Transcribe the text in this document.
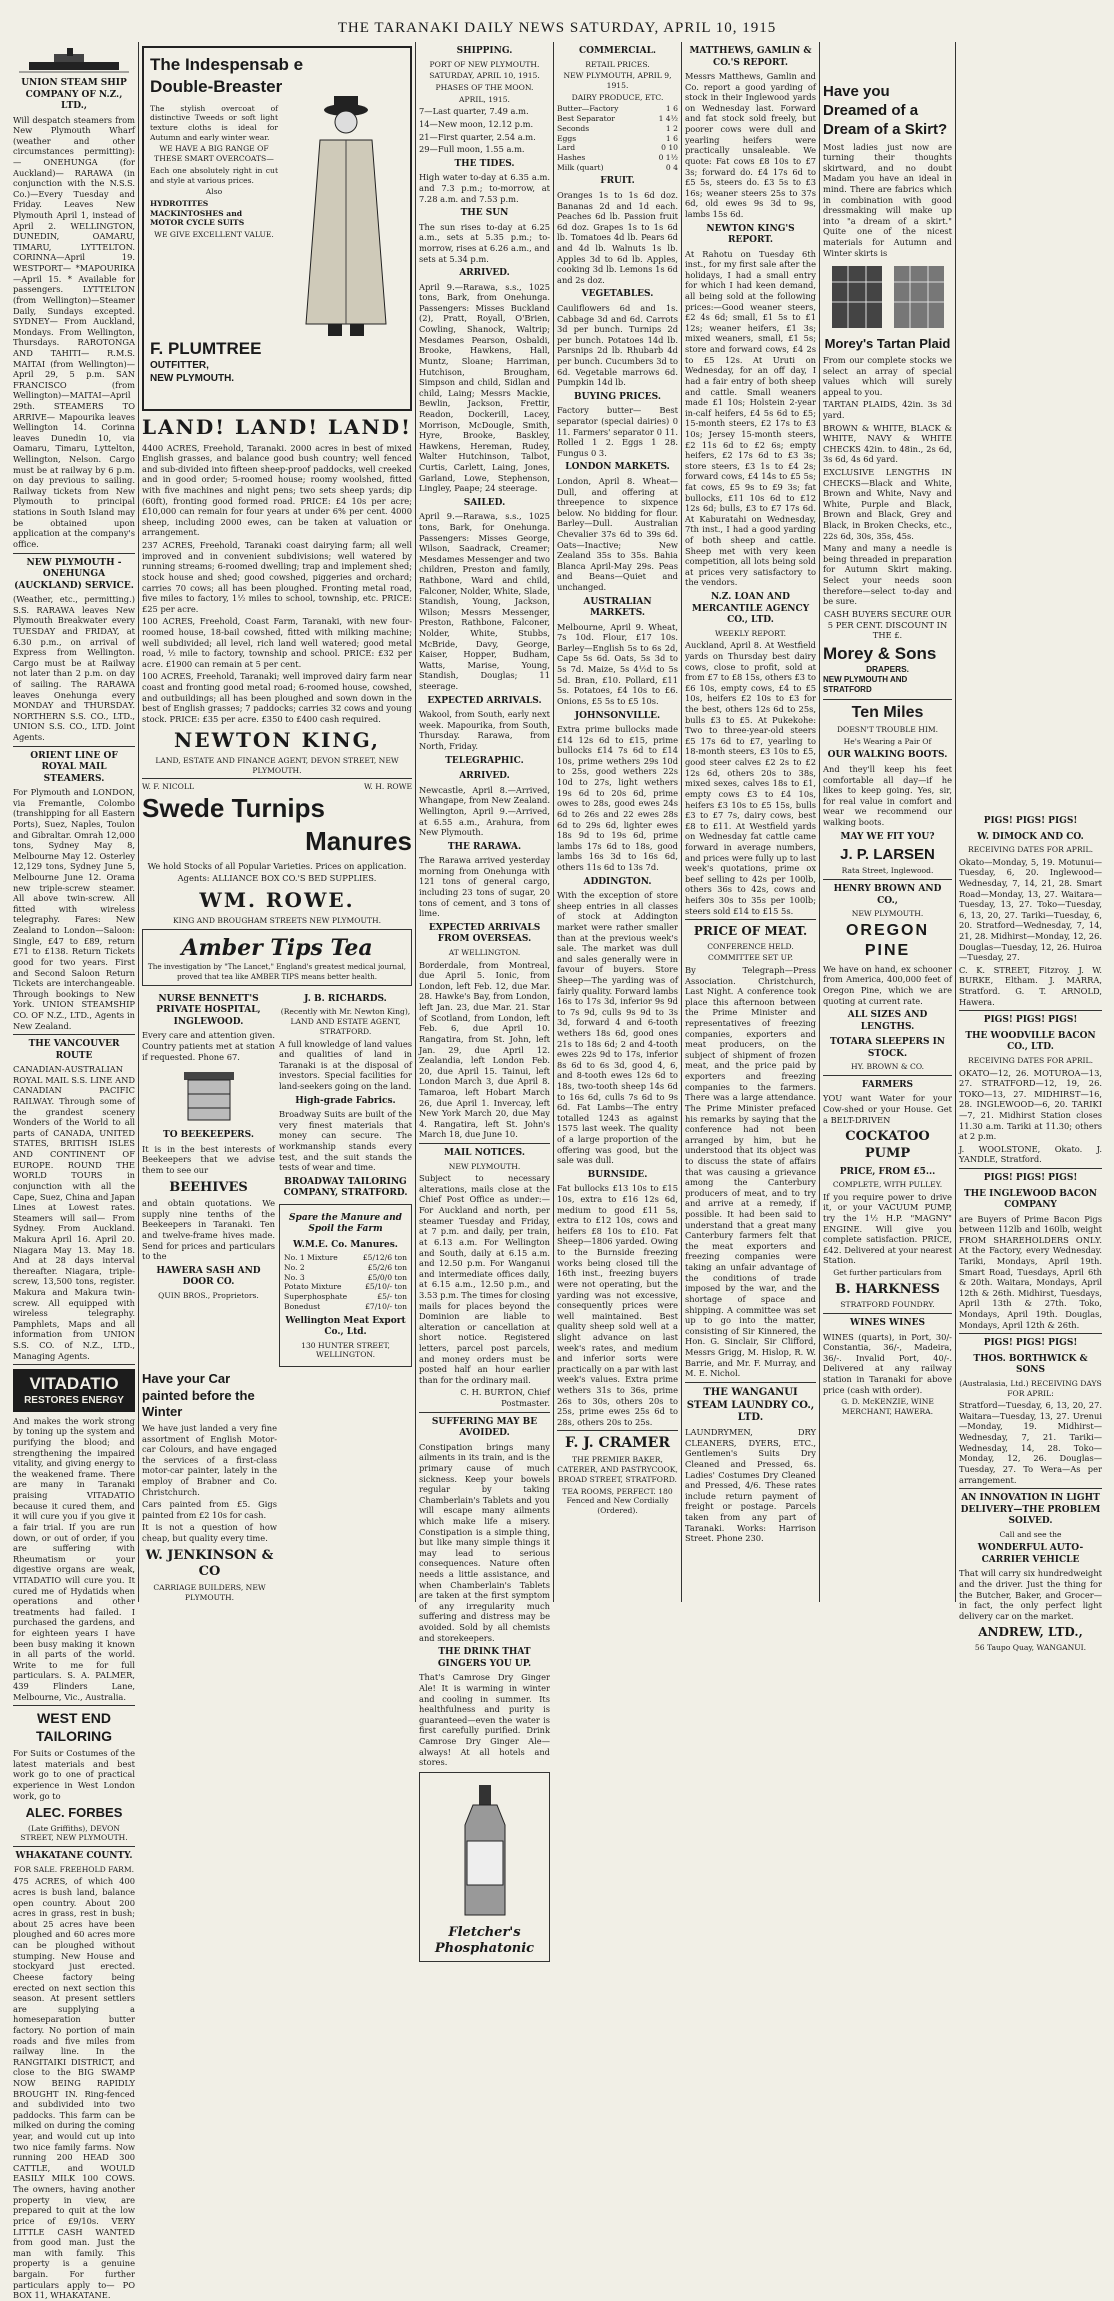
THE TARANAKI DAILY NEWS SATURDAY, APRIL 10, 1915
UNION STEAM SHIP COMPANY OF N.Z., LTD.,

Will despatch steamers from New Plymouth Wharf (weather and other circumstances permitting):— ONEHUNGA (for Auckland)— RARAWA (in conjunction with the N.S.S. Co.)—Every Tuesday and Friday. Leaves New Plymouth April 1, instead of April 2. WELLINGTON, DUNEDIN, OAMARU, TIMARU, LYTTELTON. CORINNA—April 19. WESTPORT— *MAPOURIKA—April 15. * Available for passengers. LYTTELTON (from Wellington)—Steamer Daily, Sundays excepted. SYDNEY— From Auckland, Mondays. From Wellington, Thursdays. RAROTONGA AND TAHITI— R.M.S. MAITAI (from Wellington)—April 29, 5 p.m. SAN FRANCISCO (from Wellington)—MAITAI—April 29th. STEAMERS TO ARRIVE— Mapourika leaves Wellington 14. Corinna leaves Dunedin 10, via Oamaru, Timaru, Lyttelton, Wellington, Nelson. Cargo must be at railway by 6 p.m. on day previous to sailing. Railway tickets from New Plymouth to principal stations in South Island may be obtained upon application at the company's office.

NEW PLYMOUTH - ONEHUNGA (AUCKLAND) SERVICE.

(Weather, etc., permitting.) S.S. RARAWA leaves New Plymouth Breakwater every TUESDAY and FRIDAY, at 6.30 p.m., on arrival of Express from Wellington. Cargo must be at Railway not later than 2 p.m. on day of sailing. The RARAWA leaves Onehunga every MONDAY and THURSDAY. NORTHERN S.S. CO., LTD., UNION S.S. CO., LTD. Joint Agents.

ORIENT LINE OF ROYAL MAIL STEAMERS.

For Plymouth and LONDON, via Fremantle, Colombo (transhipping for all Eastern Ports), Suez, Naples, Toulon and Gibraltar. Omrah 12,000 tons, Sydney May 8, Melbourne May 12. Osterley 12,129 tons, Sydney June 5, Melbourne June 12. Orama new triple-screw steamer. All above twin-screw. All fitted with wireless telegraphy. Fares: New Zealand to London—Saloon: Single, £47 to £89, return £71 to £138. Return Tickets good for two years. First and Second Saloon Return Tickets are interchangeable. Through bookings to New York. UNION STEAMSHIP CO. OF N.Z., LTD., Agents in New Zealand.

THE VANCOUVER ROUTE

CANADIAN-AUSTRALIAN ROYAL MAIL S.S. LINE AND CANADIAN PACIFIC RAILWAY. Through some of the grandest scenery Wonders of the World to all parts of CANADA, UNITED STATES, BRITISH ISLES AND CONTINENT OF EUROPE. ROUND THE WORLD TOURS in conjunction with all the Cape, Suez, China and Japan Lines at Lowest rates. Steamers will sail— From Sydney. From Auckland. Makura April 16. April 20. Niagara May 13. May 18. And at 28 days interval thereafter. Niagara, triple-screw, 13,500 tons, register. Makura and Makura twin-screw. All equipped with wireless telegraphy. Pamphlets, Maps and all information from UNION S.S. CO. of N.Z., LTD., Managing Agents.

VITADATIO
RESTORES ENERGY

And makes the work strong by toning up the system and purifying the blood; and strengthening the impaired vitality, and giving energy to the weakened frame. There are many in Taranaki praising VITADATIO because it cured them, and it will cure you if you give it a fair trial. If you are run down, or out of order, if you are suffering with Rheumatism or your digestive organs are weak, VITADATIO will cure you. It cured me of Hydatids when operations and other treatments had failed. I purchased the gardens, and for eighteen years I have been busy making it known in all parts of the world. Write to me for full particulars. S. A. PALMER, 439 Flinders Lane, Melbourne, Vic., Australia.

WEST END TAILORING

For Suits or Costumes of the latest materials and best work go to one of practical experience in West London work, go to

ALEC. FORBES
(Late Griffiths), DEVON STREET, NEW PLYMOUTH.
WHAKATANE COUNTY.
FOR SALE. FREEHOLD FARM.

475 ACRES, of which 400 acres is bush land, balance open country. About 200 acres in grass, rest in bush; about 25 acres have been ploughed and 60 acres more can be ploughed without stumping. New House and stockyard just erected. Cheese factory being erected on next section this season. At present settlers are supplying a homeseparation butter factory. No portion of main roads and five miles from railway line. In the RANGITAIKI DISTRICT, and close to the BIG SWAMP NOW BEING RAPIDLY BROUGHT IN. Ring-fenced and subdivided into two paddocks. This farm can be milked on during the coming year, and would cut up into two nice family farms. Now running 200 HEAD 300 CATTLE, and WOULD EASILY MILK 100 COWS. The owners, having another property in view, are prepared to quit at the low price of £9/10s. VERY LITTLE CASH WANTED from good man. Just the man with family. This property is a genuine bargain. For further particulars apply to— PO BOX 11, WHAKATANE.

The Indespensab e
Double-Breaster

The stylish overcoat of distinctive Tweeds or soft light texture cloths is ideal for Autumn and early winter wear.

WE HAVE A BIG RANGE OF THESE SMART OVERCOATS—

Each one absolutely right in cut and style at various prices.

Also

HYDROTITES
MACKINTOSHES and
MOTOR CYCLE SUITS

WE GIVE EXCELLENT VALUE.

F. PLUMTREE
OUTFITTER,
NEW PLYMOUTH.
LAND! LAND! LAND!

4400 ACRES, Freehold, Taranaki. 2000 acres in best of mixed English grasses, and balance good bush country; well fenced and sub-divided into fifteen sheep-proof paddocks, well creeked and in good order; 5-roomed house; roomy woolshed, fitted with five machines and night pens; two sets sheep yards; dip (60ft), fronting good formed road. PRICE: £4 10s per acre; £10,000 can remain for four years at under 6% per cent. 4000 sheep, including 2000 ewes, can be taken at valuation or arrangement.

237 ACRES, Freehold, Taranaki coast dairying farm; all well improved and in convenient subdivisions; well watered by running streams; 6-roomed dwelling; trap and implement shed; stock house and shed; good cowshed, piggeries and orchard; carries 70 cows; all has been ploughed. Fronting metal road, five miles to factory, 1½ miles to school, township, etc. PRICE: £25 per acre.

100 ACRES, Freehold, Coast Farm, Taranaki, with new four-roomed house, 18-bail cowshed, fitted with milking machine; well subdivided; all level, rich land well watered; good metal road, ½ mile to factory, township and school. PRICE: £32 per acre. £1900 can remain at 5 per cent.

100 ACRES, Freehold, Taranaki; well improved dairy farm near coast and fronting good metal road; 6-roomed house, cowshed, and outbuildings; all has been ploughed and sown down in the best of English grasses; 7 paddocks; carries 32 cows and young stock. PRICE: £35 per acre. £350 to £400 cash required.

NEWTON KING,
LAND, ESTATE AND FINANCE AGENT, DEVON STREET, NEW PLYMOUTH.
W. F. NICOLL	W. H. ROWE
Swede Turnips
Manures

We hold Stocks of all Popular Varieties. Prices on application.

Agents: ALLIANCE BOX CO.'S BED SUPPLIES.

WM. ROWE.
KING AND BROUGHAM STREETS NEW PLYMOUTH.
Amber Tips Tea
The investigation by "The Lancet," England's greatest medical journal, proved that tea like AMBER TIPS means better health.
NURSE BENNETT'S PRIVATE HOSPITAL, INGLEWOOD.

Every care and attention given. Country patients met at station if requested. Phone 67.

TO BEEKEEPERS.

It is in the best interests of Beekeepers that we advise them to see our

BEEHIVES

and obtain quotations. We supply nine tenths of the Beekeepers in Taranaki. Ten and twelve-frame hives made. Send for prices and particulars to the

HAWERA SASH AND DOOR CO.
QUIN BROS., Proprietors.
J. B. RICHARDS.
(Recently with Mr. Newton King), LAND AND ESTATE AGENT, STRATFORD.

A full knowledge of land values and qualities of land in Taranaki is at the disposal of investors. Special facilities for land-seekers going on the land.

High-grade Fabrics.

Broadway Suits are built of the very finest materials that money can secure. The workmanship stands every test, and the suit stands the tests of wear and time.

BROADWAY TAILORING COMPANY, STRATFORD.
Spare the Manure and Spoil the Farm
W.M.E. Co. Manures.
No. 1 Mixture	£5/12/6 ton
No. 2	£5/2/6 ton
No. 3	£5/0/0 ton
Potato Mixture	£5/10/- ton
Superphosphate	£5/- ton
Bonedust	£7/10/- ton
Wellington Meat Export Co., Ltd.
130 HUNTER STREET, WELLINGTON.
Have your Car
painted before the
Winter

We have just landed a very fine assortment of English Motor-car Colours, and have engaged the services of a first-class motor-car painter, lately in the employ of Brabner and Co. Christchurch.

Cars painted from £5. Gigs painted from £2 10s for cash.

It is not a question of how cheap, but quality every time.

W. JENKINSON & CO
CARRIAGE BUILDERS, NEW PLYMOUTH.
SHIPPING.
PORT OF NEW PLYMOUTH.
SATURDAY, APRIL 10, 1915.
PHASES OF THE MOON.
APRIL, 1915.

7—Last quarter, 7.49 a.m.

14—New moon, 12.12 p.m.

21—First quarter, 2.54 a.m.

29—Full moon, 1.55 a.m.

THE TIDES.

High water to-day at 6.35 a.m. and 7.3 p.m.; to-morrow, at 7.28 a.m. and 7.53 p.m.

THE SUN

The sun rises to-day at 6.25 a.m., sets at 5.35 p.m.; to-morrow, rises at 6.26 a.m., and sets at 5.34 p.m.

ARRIVED.

April 9.—Rarawa, s.s., 1025 tons, Bark, from Onehunga. Passengers: Misses Buckland (2), Pratt, Royall, O'Brien, Cowling, Shanock, Waltrip; Mesdames Pearson, Osbaldi, Brooke, Hawkens, Hall, Muntz, Sloane; Harriman, Hutchison, Brougham, Simpson and child, Sidlan and child, Laing; Messrs Mackie, Bewlin, Jackson, Frettir, Readon, Dockerill, Lacey, Morrison, McDougle, Smith, Hyre, Brooke, Baskley, Hawkens, Hereman, Rudey, Walter Hutchinson, Talbot, Curtis, Carlett, Laing, Jones, Garland, Lowe, Stephenson, Lingley, Paape; 24 steerage.

SAILED.

April 9.—Rarawa, s.s., 1025 tons, Bark, for Onehunga. Passengers: Misses George, Wilson, Saadrack, Creamer; Mesdames Messenger and two children, Preston and family, Rathbone, Ward and child, Falconer, Nolder, White, Slade, Standish, Young, Jackson, Wilson; Messrs Messenger, Preston, Rathbone, Falconer, Nolder, White, Stubbs, McBride, Davy, George, Kaiser, Hopper, Budham, Watts, Marise, Young, Standish, Douglas; 11 steerage.

EXPECTED ARRIVALS.

Wakool, from South, early next week. Mapourika, from South, Thursday. Rarawa, from North, Friday.

TELEGRAPHIC.
ARRIVED.

Newcastle, April 8.—Arrived, Whangape, from New Zealand. Wellington, April 9.—Arrived, at 6.55 a.m., Arahura, from New Plymouth.

THE RARAWA.

The Rarawa arrived yesterday morning from Onehunga with 121 tons of general cargo, including 23 tons of sugar, 20 tons of cement, and 3 tons of lime.

EXPECTED ARRIVALS FROM OVERSEAS.
AT WELLINGTON.

Borderdale, from Montreal, due April 5. Ionic, from London, left Feb. 12, due Mar. 28. Hawke's Bay, from London, left Jan. 23, due Mar. 21. Star of Scotland, from London, left Feb. 6, due April 10. Rangatira, from St. John, left Jan. 29, due April 12. Zealandia, left London Feb. 20, due April 15. Tainui, left London March 3, due April 8. Tamaroa, left Hobart March 26, due April 1. Invercay, left New York March 20, due May 4. Rangatira, left St. John's March 18, due June 10.

MAIL NOTICES.
NEW PLYMOUTH.

Subject to necessary alterations, mails close at the Chief Post Office as under:— For Auckland and north, per steamer Tuesday and Friday, at 7 p.m. and daily, per train, at 6.13 a.m. For Wellington and South, daily at 6.15 a.m. and 12.50 p.m. For Wanganui and intermediate offices daily, at 6.15 a.m., 12.50 p.m., and 3.53 p.m. The times for closing mails for places beyond the Dominion are liable to alteration or cancellation at short notice. Registered letters, parcel post parcels, and money orders must be posted half an hour earlier than for the ordinary mail.

C. H. BURTON, Chief Postmaster.

SUFFERING MAY BE AVOIDED.

Constipation brings many ailments in its train, and is the primary cause of much sickness. Keep your bowels regular by taking Chamberlain's Tablets and you will escape many ailments which make life a misery. Constipation is a simple thing, but like many simple things it may lead to serious consequences. Nature often needs a little assistance, and when Chamberlain's Tablets are taken at the first symptom of any irregularity much suffering and distress may be avoided. Sold by all chemists and storekeepers.

THE DRINK THAT GINGERS YOU UP.

That's Camrose Dry Ginger Ale! It is warming in winter and cooling in summer. Its healthfulness and purity is guaranteed—even the water is first carefully purified. Drink Camrose Dry Ginger Ale—always! At all hotels and stores.

Fletcher's Phosphatonic
COMMERCIAL.
RETAIL PRICES.
NEW PLYMOUTH, APRIL 9, 1915.
DAIRY PRODUCE, ETC.
Butter—Factory	1 6
Best Separator	1 4½
Seconds	1 2
Eggs	1 6
Lard	0 10
Hashes	0 1½
Milk (quart)	0 4
FRUIT.

Oranges 1s to 1s 6d doz. Bananas 2d and 1d each. Peaches 6d lb. Passion fruit 6d doz. Grapes 1s to 1s 6d lb. Tomatoes 4d lb. Pears 6d and 4d lb. Walnuts 1s lb. Apples 3d to 6d lb. Apples, cooking 3d lb. Lemons 1s 6d and 2s doz.

VEGETABLES.

Cauliflowers 6d and 1s. Cabbage 3d and 6d. Carrots 3d per bunch. Turnips 2d per bunch. Potatoes 14d lb. Parsnips 2d lb. Rhubarb 4d per bunch. Cucumbers 3d to 6d. Vegetable marrows 6d. Pumpkin 14d lb.

BUYING PRICES.

Factory butter— Best separator (special dairies) 0 11. Farmers' separator 0 11. Rolled 1 2. Eggs 1 28. Fungus 0 3.

LONDON MARKETS.

London, April 8. Wheat—Dull, and offering at threepence to sixpence below. No bidding for flour. Barley—Dull. Australian Chevalier 37s 6d to 39s 6d. Oats—Inactive; New Zealand 35s to 35s. Bahia Blanca April-May 29s. Peas and Beans—Quiet and unchanged.

AUSTRALIAN MARKETS.

Melbourne, April 9. Wheat, 7s 10d. Flour, £17 10s. Barley—English 5s to 6s 2d, Cape 5s 6d. Oats, 5s 3d to 5s 7d. Maize, 5s 4½d to 5s 5d. Bran, £10. Pollard, £11 5s. Potatoes, £4 10s to £6. Onions, £5 5s to £5 10s.

JOHNSONVILLE.

Extra prime bullocks made £14 12s 6d to £15, prime bullocks £14 7s 6d to £14 10s, prime wethers 29s 10d to 25s, good wethers 22s 10d to 27s, light wethers 19s 6d to 20s 6d, prime owes to 28s, good ewes 24s 6d to 26s and 22 ewes 28s 6d to 29s 6d, lighter ewes 18s 9d to 19s 6d, prime lambs 17s 6d to 18s, good lambs 16s 3d to 16s 6d, others 11s 6d to 13s 7d.

ADDINGTON.

With the exception of store sheep entries in all classes of stock at Addington market were rather smaller than at the previous week's sale. The market was dull and sales generally were in favour of buyers. Store Sheep—The yarding was of fairly quality. Forward lambs 16s to 17s 3d, inferior 9s 9d to 7s 9d, culls 9s 9d to 3s 3d, forward 4 and 6-tooth wethers 18s 6d, good ones 21s to 18s 6d; 2 and 4-tooth ewes 22s 9d to 17s, inferior 8s 6d to 6s 3d, good 4, 6, and 8-tooth ewes 12s 6d to 18s, two-tooth sheep 14s 6d to 16s 6d, culls 7s 6d to 9s 6d. Fat Lambs—The entry totalled 1243 as against 1575 last week. The quality of a large proportion of the offering was good, but the sale was dull.

BURNSIDE.

Fat bullocks £13 10s to £15 10s, extra to £16 12s 6d, medium to good £11 5s, extra to £12 10s, cows and heifers £8 10s to £10. Fat Sheep—1806 yarded. Owing to the Burnside freezing works being closed till the 16th inst., freezing buyers were not operating, but the yarding was not excessive, consequently prices were well maintained. Best quality sheep sold well at a slight advance on last week's rates, and medium and inferior sorts were practically on a par with last week's values. Extra prime wethers 31s to 36s, prime 26s to 30s, others 20s to 25s, prime ewes 25s 6d to 28s, others 20s to 25s.

F. J. CRAMER
THE PREMIER BAKER, CATERER, AND PASTRYCOOK, BROAD STREET, STRATFORD.
TEA ROOMS, PERFECT. 180 Fenced and New Cordially (Ordered).
MATTHEWS, GAMLIN & CO.'S REPORT.

Messrs Matthews, Gamlin and Co. report a good yarding of stock in their Inglewood yards on Wednesday last. Forward and fat stock sold freely, but poorer cows were dull and yearling heifers were practically unsaleable. We quote: Fat cows £8 10s to £7 3s; forward do. £4 17s 6d to £5 5s, steers do. £3 5s to £3 16s; weaner steers 25s to 37s 6d, old ewes 9s 3d to 9s, lambs 15s 6d.

NEWTON KING'S REPORT.

At Rahotu on Tuesday 6th inst., for my first sale after the holidays, I had a small entry for which I had keen demand, all being sold at the following prices:—Good weaner steers, £2 4s 6d; small, £1 5s to £1 12s; weaner heifers, £1 3s; mixed weaners, small, £1 5s; store and forward cows, £4 2s to £5 12s. At Uruti on Wednesday, for an off day, I had a fair entry of both sheep and cattle. Small weaners made £1 10s; Holstein 2-year in-calf heifers, £4 5s 6d to £5; 15-month steers, £2 17s to £3 10s; Jersey 15-month steers, £2 11s 6d to £2 6s; empty heifers, £2 17s 6d to £3 3s; store steers, £3 1s to £4 2s; forward cows, £4 14s to £5 5s; fat cows, £5 9s to £9 3s; fat bullocks, £11 10s 6d to £12 12s 6d; bulls, £3 to £7 17s 6d. At Kaburatahi on Wednesday, 7th inst., I had a good yarding of both sheep and cattle. Sheep met with very keen competition, all lots being sold at prices very satisfactory to the vendors.

N.Z. LOAN AND MERCANTILE AGENCY CO., LTD.
WEEKLY REPORT.

Auckland, April 8. At Westfield yards on Thursday best dairy cows, close to profit, sold at from £7 to £8 15s, others £3 to £6 10s, empty cows, £4 to £5 10s, heifers £2 10s to £3 for the best, others 12s 6d to 25s, bulls £3 to £5. At Pukekohe: Two to three-year-old steers £5 17s 6d to £7, yearling to 18-month steers, £3 10s to £5, good steer calves £2 2s to £2 12s 6d, others 20s to 38s, mixed sexes, calves 18s to £1, empty cows £3 to £4 10s, heifers £3 10s to £5 15s, bulls £3 to £7 7s, dairy cows, best £8 to £11. At Westfield yards on Wednesday fat cattle came forward in average numbers, and prices were fully up to last week's quotations, prime ox beef selling to 42s per 100lb, others 36s to 42s, cows and heifers 30s to 35s per 100lb; steers sold £14 to £15 5s.

PRICE OF MEAT.
CONFERENCE HELD.
COMMITTEE SET UP.

By Telegraph—Press Association. Christchurch, Last Night. A conference took place this afternoon between the Prime Minister and representatives of freezing companies, exporters and meat producers, on the subject of shipment of frozen meat, and the price paid by exporters and freezing companies to the farmers. There was a large attendance. The Prime Minister prefaced his remarks by saying that the conference had not been arranged by him, but he understood that its object was to discuss the state of affairs that was causing a grievance among the Canterbury producers of meat, and to try and arrive at a remedy, if possible. It had been said to understand that a great many Canterbury farmers felt that the meat exporters and freezing companies were taking an unfair advantage of the conditions of trade imposed by the war, and the shortage of space and shipping. A committee was set up to go into the matter, consisting of Sir Kinnered, the Hon. G. Sinclair, Sir Clifford, Messrs Grigg, M. Hislop, R. W. Barrie, and Mr. F. Murray, and M. E. Nichol.

THE WANGANUI STEAM LAUNDRY CO., LTD.

LAUNDRYMEN, DRY CLEANERS, DYERS, ETC., Gentlemen's Suits Dry Cleaned and Pressed, 6s. Ladies' Costumes Dry Cleaned and Pressed, 4/6. These rates include return payment of freight or postage. Parcels taken from any part of Taranaki. Works: Harrison Street. Phone 230.

Have you
Dreamed of a
Dream of a Skirt?

Most ladies just now are turning their thoughts skirtward, and no doubt Madam you have an ideal in mind. There are fabrics which in combination with good dressmaking will make up into "a dream of a skirt." Quite one of the nicest materials for Autumn and Winter skirts is

Morey's Tartan Plaid

From our complete stocks we select an array of special values which will surely appeal to you.

TARTAN PLAIDS, 42in. 3s 3d yard.

BROWN & WHITE, BLACK & WHITE, NAVY & WHITE CHECKS 42in. to 48in., 2s 6d, 3s 6d, 4s 6d yard.

EXCLUSIVE LENGTHS IN CHECKS—Black and White, Brown and White, Navy and White, Purple and Black, Brown and Black, Grey and Black, in Broken Checks, etc., 22s 6d, 30s, 35s, 45s.

Many and many a needle is being threaded in preparation for Autumn Skirt making. Select your needs soon therefore—select to-day and be sure.

CASH BUYERS SECURE OUR 5 PER CENT. DISCOUNT IN THE £.

Morey & Sons
DRAPERS.
NEW PLYMOUTH AND STRATFORD
Ten Miles
DOESN'T TROUBLE HIM.
He's Wearing a Pair Of
OUR WALKING BOOTS.

And they'll keep his feet comfortable all day—if he likes to keep going. Yes, sir, for real value in comfort and wear we recommend our walking boots.

MAY WE FIT YOU?
J. P. LARSEN
Rata Street, Inglewood.
HENRY BROWN AND CO.,
NEW PLYMOUTH.
OREGON PINE

We have on hand, ex schooner from America, 400,000 feet of Oregon Pine, which we are quoting at current rate.

ALL SIZES AND LENGTHS.
TOTARA SLEEPERS IN STOCK.
HY. BROWN & CO.
FARMERS

YOU want Water for your Cow-shed or your House. Get a BELT-DRIVEN

COCKATOO PUMP
PRICE, FROM £5...
COMPLETE, WITH PULLEY.

If you require power to drive it, or your VACUUM PUMP, try the 1½ H.P. "MAGNY" ENGINE. Will give you complete satisfaction. PRICE, £42. Delivered at your nearest Station.

Get further particulars from
B. HARKNESS
STRATFORD FOUNDRY.
WINES WINES

WINES (quarts), in Port, 30/- Constantia, 36/-, Madeira, 36/-. Invalid Port, 40/-. Delivered at any railway station in Taranaki for above price (cash with order).

G. D. McKENZIE, WINE MERCHANT, HAWERA.
PIGS! PIGS! PIGS!
W. DIMOCK AND CO.
RECEIVING DATES FOR APRIL.

Okato—Monday, 5, 19. Motunui—Tuesday, 6, 20. Inglewood—Wednesday, 7, 14, 21, 28. Smart Road—Monday, 13, 27. Waitara—Tuesday, 13, 27. Toko—Tuesday, 6, 13, 20, 27. Tariki—Tuesday, 6, 20. Stratford—Wednesday, 7, 14, 21, 28. Midhirst—Monday, 12, 26. Douglas—Tuesday, 12, 26. Huiroa—Tuesday, 27.

C. K. STREET, Fitzroy. J. W. BURKE, Eltham. J. MARRA, Stratford. G. T. ARNOLD, Hawera.

PIGS! PIGS! PIGS!
THE WOODVILLE BACON CO., LTD.
RECEIVING DATES FOR APRIL.

OKATO—12, 26. MOTUROA—13, 27. STRATFORD—12, 19, 26. TOKO—13, 27. MIDHIRST—16, 28. INGLEWOOD—6, 20. TARIKI—7, 21. Midhirst Station closes 11.30 a.m. Tariki at 11.30; others at 2 p.m.

J. WOOLSTONE, Okato. J. YANDLE, Stratford.

PIGS! PIGS! PIGS!
THE INGLEWOOD BACON COMPANY

are Buyers of Prime Bacon Pigs between 112lb and 160lb, weight FROM SHAREHOLDERS ONLY. At the Factory, every Wednesday. Tariki, Mondays, April 19th. Smart Road, Tuesdays, April 6th & 20th. Waitara, Mondays, April 12th & 26th. Midhirst, Tuesdays, April 13th & 27th. Toko, Mondays, April 19th. Douglas, Mondays, April 12th & 26th.

PIGS! PIGS! PIGS!
THOS. BORTHWICK & SONS
(Australasia, Ltd.) RECEIVING DAYS FOR APRIL:

Stratford—Tuesday, 6, 13, 20, 27. Waitara—Tuesday, 13, 27. Urenui—Monday, 19. Midhirst—Wednesday, 7, 21. Tariki—Wednesday, 14, 28. Toko—Monday, 12, 26. Douglas—Tuesday, 27. To Wera—As per arrangement.

AN INNOVATION IN LIGHT DELIVERY—THE PROBLEM SOLVED.
Call and see the
WONDERFUL AUTO-CARRIER VEHICLE

That will carry six hundredweight and the driver. Just the thing for the Butcher, Baker, and Grocer—in fact, the only perfect light delivery car on the market.

ANDREW, LTD.,
56 Taupo Quay, WANGANUI.
